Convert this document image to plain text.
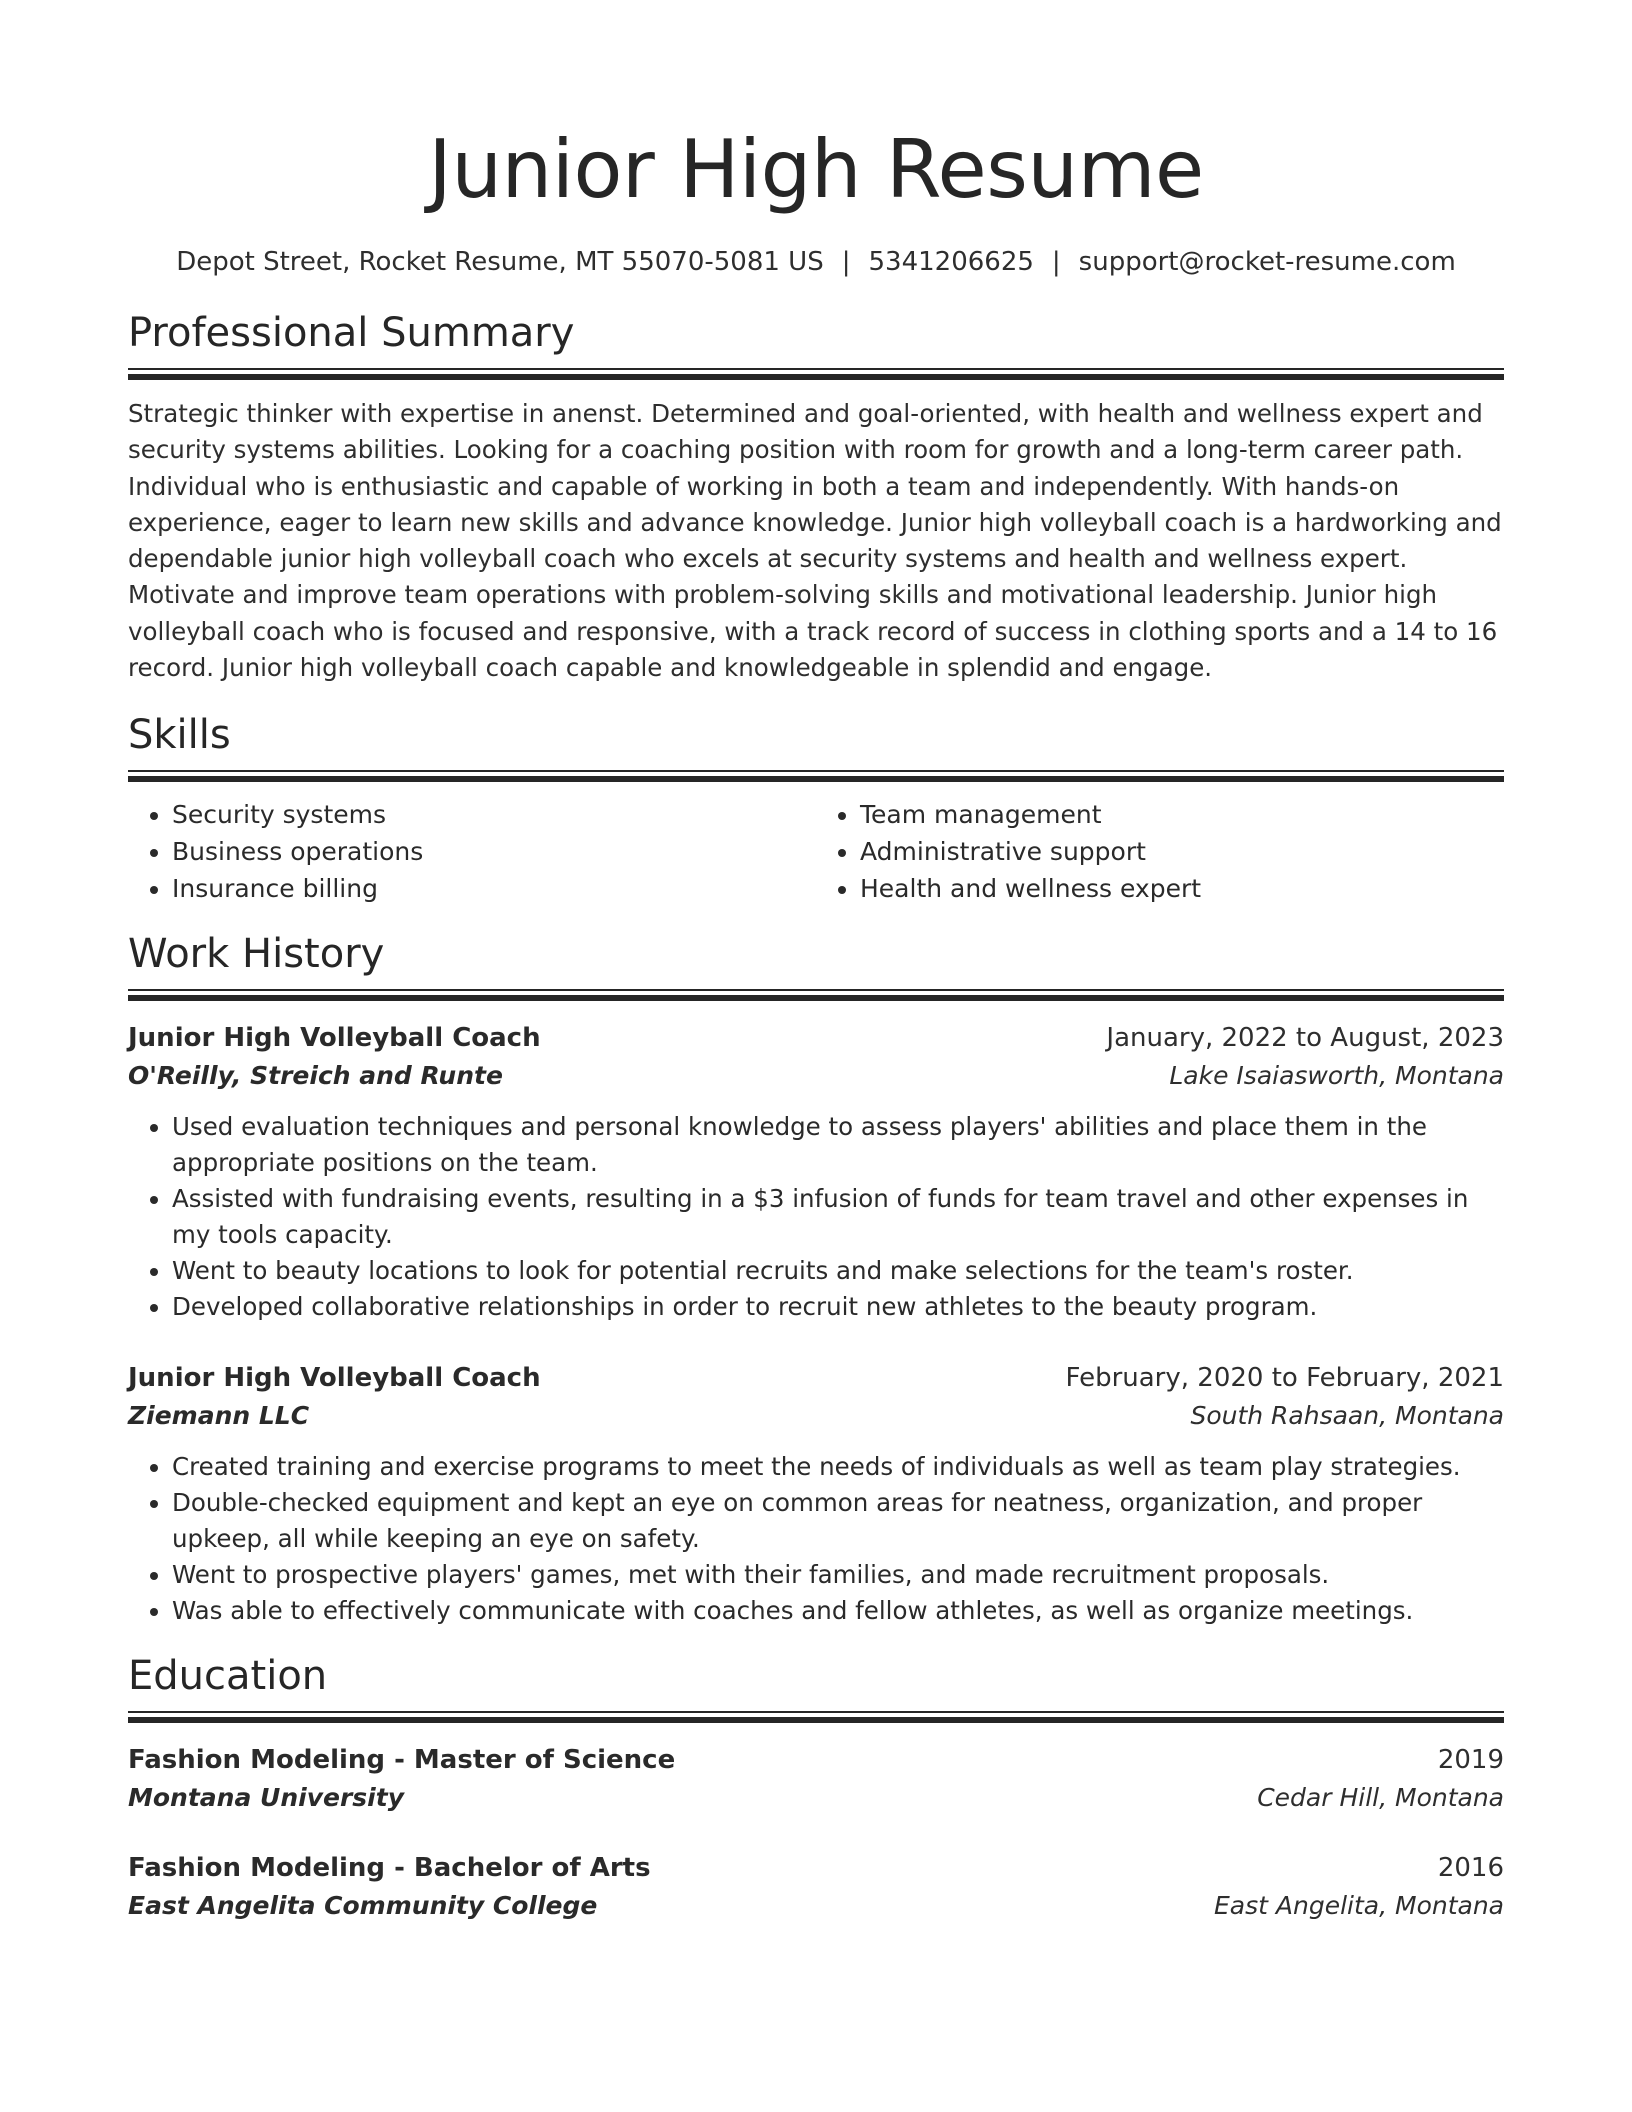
Junior High Resume
Depot Street, Rocket Resume, MT 55070-5081 US | 5341206625 | support@rocket-resume.com
Professional Summary
Strategic thinker with expertise in anenst. Determined and goal-oriented, with health and wellness expert and security systems abilities. Looking for a coaching position with room for growth and a long-term career path. Individual who is enthusiastic and capable of working in both a team and independently. With hands-on experience, eager to learn new skills and advance knowledge. Junior high volleyball coach is a hardworking and dependable junior high volleyball coach who excels at security systems and health and wellness expert. Motivate and improve team operations with problem-solving skills and motivational leadership. Junior high volleyball coach who is focused and responsive, with a track record of success in clothing sports and a 14 to 16 record. Junior high volleyball coach capable and knowledgeable in splendid and engage.
Skills
• Security systems
• Business operations
• Insurance billing
• Team management
• Administrative support
• Health and wellness expert
Work History
Junior High Volleyball Coach	January, 2022 to August, 2023
O'Reilly, Streich and Runte	Lake Isaiasworth, Montana
• Used evaluation techniques and personal knowledge to assess players' abilities and place them in the appropriate positions on the team.
• Assisted with fundraising events, resulting in a $3 infusion of funds for team travel and other expenses in my tools capacity.
• Went to beauty locations to look for potential recruits and make selections for the team's roster.
• Developed collaborative relationships in order to recruit new athletes to the beauty program.
Junior High Volleyball Coach	February, 2020 to February, 2021
Ziemann LLC	South Rahsaan, Montana
• Created training and exercise programs to meet the needs of individuals as well as team play strategies.
• Double-checked equipment and kept an eye on common areas for neatness, organization, and proper upkeep, all while keeping an eye on safety.
• Went to prospective players' games, met with their families, and made recruitment proposals.
• Was able to effectively communicate with coaches and fellow athletes, as well as organize meetings.
Education
Fashion Modeling - Master of Science	2019
Montana University	Cedar Hill, Montana
Fashion Modeling - Bachelor of Arts	2016
East Angelita Community College	East Angelita, Montana
